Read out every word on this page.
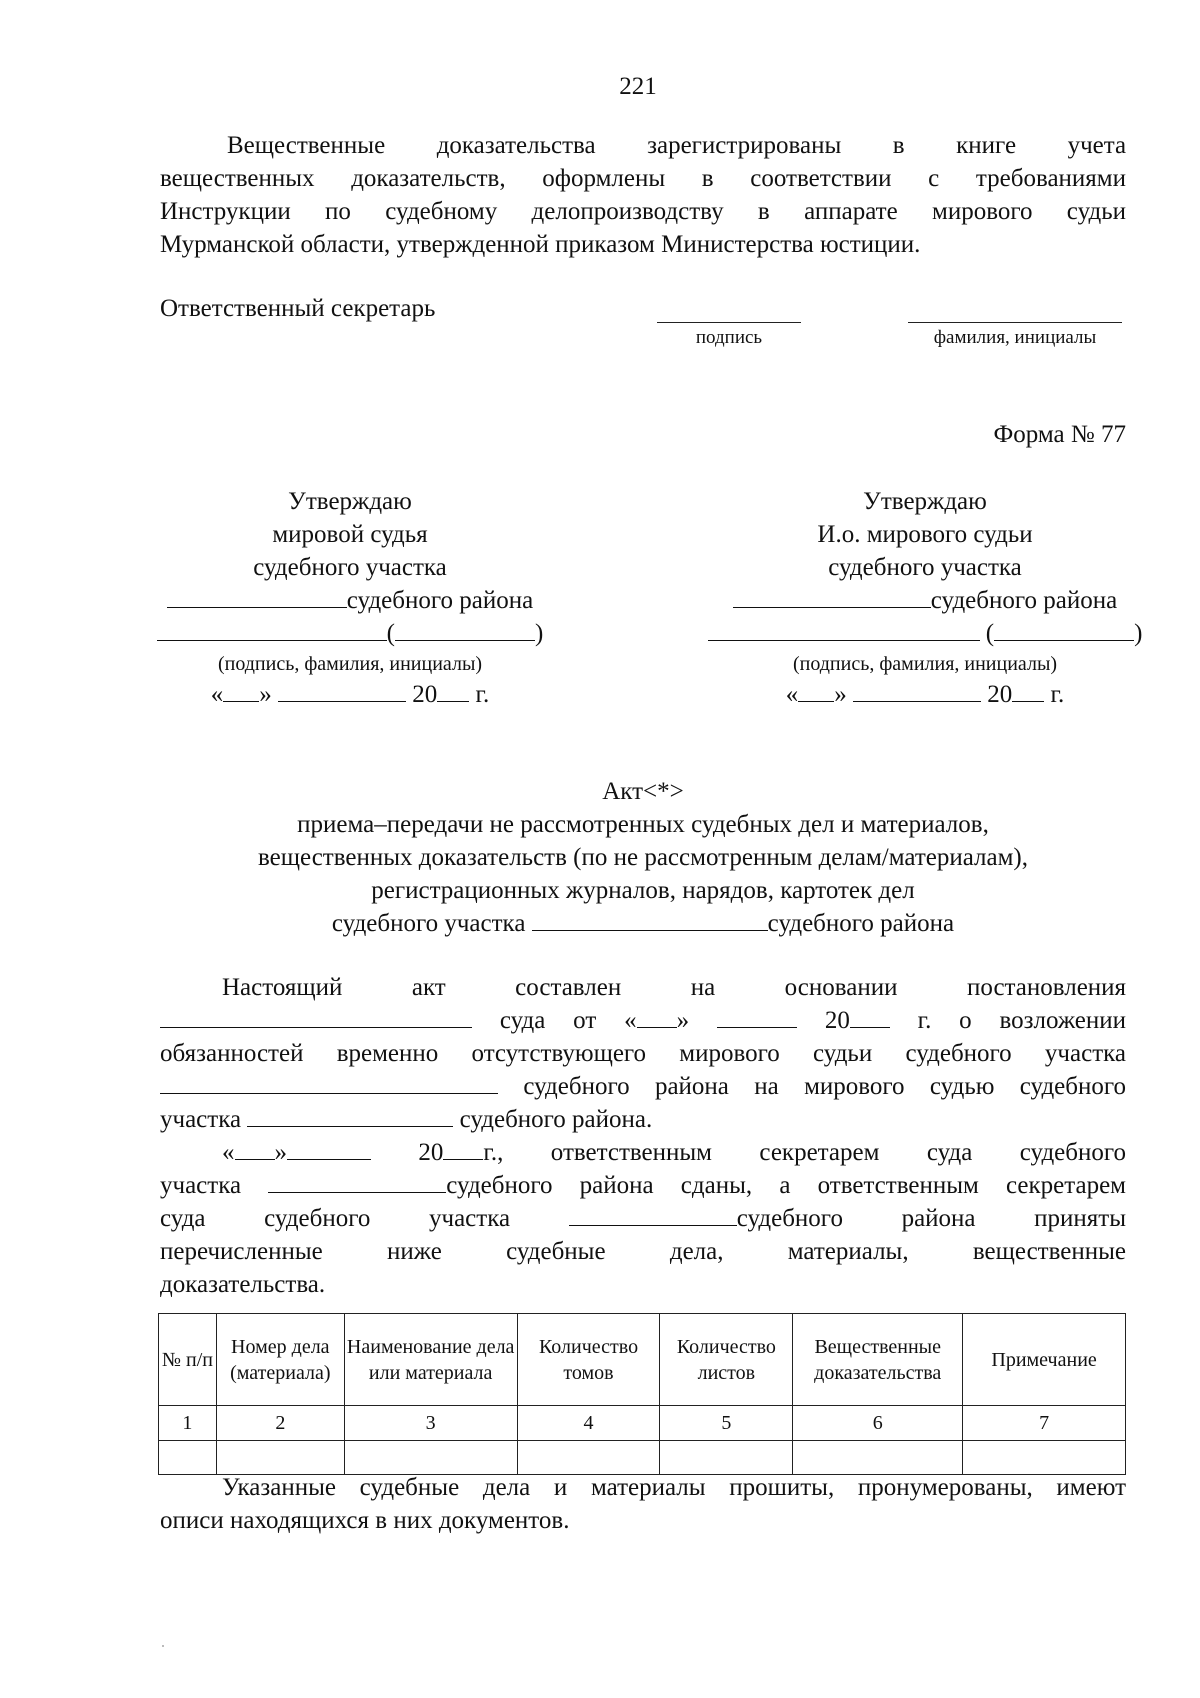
221
Вещественные доказательства зарегистрированы в книге учета
вещественных доказательств, оформлены в соответствии с требованиями
Инструкции по судебному делопроизводству в аппарате мирового судьи
Мурманской области, утвержденной приказом Министерства юстиции.
Ответственный секретарь
подпись	фамилия, инициалы
Форма № 77
Утверждаю
мировой судья
судебного участка
судебного района
(	)
(подпись, фамилия, инициалы)
« »	20 г.
Утверждаю
И.о. мирового судьи
судебного участка
судебного района
(	)
(подпись, фамилия, инициалы)
« »	20 г.
Акт<*>
приема–передачи не рассмотренных судебных дел и материалов,
вещественных доказательств (по не рассмотренным делам/материалам),
регистрационных журналов, нарядов, картотек дел
судебного участка	судебного района
Настоящий	акт	составлен	на	основании	постановления
суда от « »	20	г. о возложении
обязанностей временно отсутствующего мирового судьи судебного участка
судебного района на мирового судью судебного
участка	судебного района.
« »	20 г., ответственным секретарем суда судебного
участка	судебного района сданы, а ответственным секретарем
суда судебного участка	судебного района приняты
перечисленные	ниже	судебные	дела,	материалы,	вещественные
доказательства.
№ п/п	Номер дела (материала)	Наименование дела или материала	Количество томов	Количество листов	Вещественные доказательства	Примечание
1	2	3	4	5	6	7

Указанные судебные дела и материалы прошиты, пронумерованы, имеют
описи находящихся в них документов.
